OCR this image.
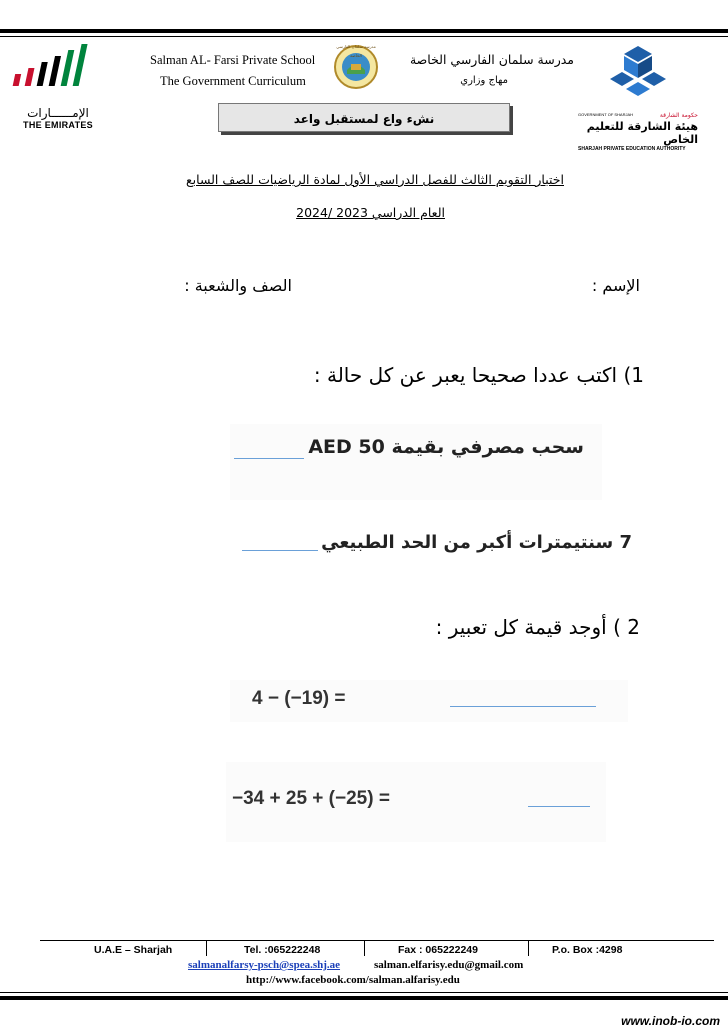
الإمــــــارات
THE EMIRATES
Salman AL- Farsi Private School
The Government Curriculum
مدرسة سلمان الفارسي الخاصة	مدرسة سلمان الفارسي الخاصة
مهاج وزاري
GOVERNMENT OF SHARJAH	حكومة الشارقة
هيئة الشارقة للتعليم الخاص
SHARJAH PRIVATE EDUCATION AUTHORITY
نشء واع لمستقبل واعد
اختبار التقويم الثالث للفصل الدراسي الأول لمادة الرياضيات للصف السابع
العام الدراسي 2023 /2024
الإسم :
الصف والشعبة :
1) اكتب عددا صحيحا يعبر عن كل حالة :
سحب مصرفي بقيمة AED 50
7 سنتيمترات أكبر من الحد الطبيعي
2 ) أوجد قيمة كل تعبير :
4 − (−19) =
−34 + 25 + (−25) =
U.A.E – Sharjah	Tel. :065222248	Fax : 065222249	P.o. Box :4298
salmanalfarsy-psch@spea.shj.ae	salman.elfarisy.edu@gmail.com
http://www.facebook.com/salman.alfarisy.edu
www.inob-io.com
